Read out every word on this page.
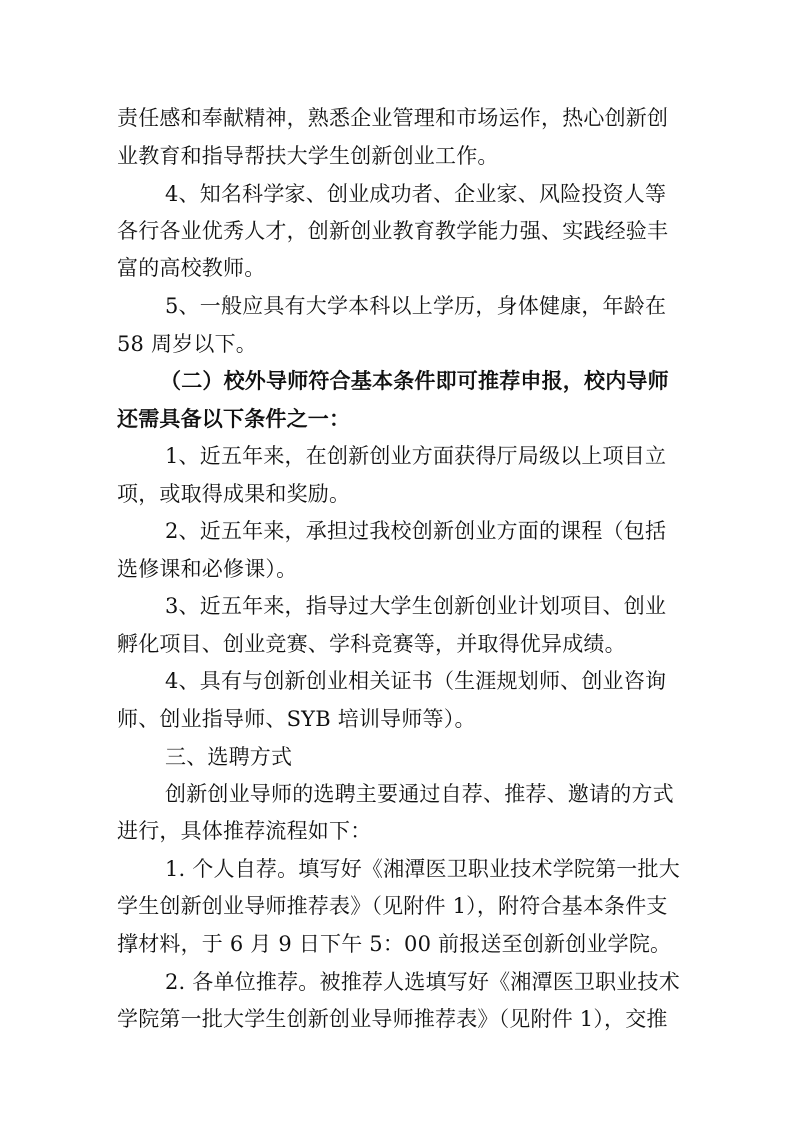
责任感和奉献精神，熟悉企业管理和市场运作，热心创新创
业教育和指导帮扶大学生创新创业工作。
4、知名科学家、创业成功者、企业家、风险投资人等
各行各业优秀人才，创新创业教育教学能力强、实践经验丰
富的高校教师。
5、一般应具有大学本科以上学历，身体健康，年龄在
58 周岁以下。
（二）校外导师符合基本条件即可推荐申报，校内导师
还需具备以下条件之一：
1、近五年来，在创新创业方面获得厅局级以上项目立
项，或取得成果和奖励。
2、近五年来，承担过我校创新创业方面的课程（包括
选修课和必修课）。
3、近五年来，指导过大学生创新创业计划项目、创业
孵化项目、创业竞赛、学科竞赛等，并取得优异成绩。
4、具有与创新创业相关证书（生涯规划师、创业咨询
师、创业指导师、SYB 培训导师等）。
三、选聘方式
创新创业导师的选聘主要通过自荐、推荐、邀请的方式
进行，具体推荐流程如下：
1. 个人自荐。填写好《湘潭医卫职业技术学院第一批大
学生创新创业导师推荐表》（见附件 1），附符合基本条件支
撑材料，于 6 月 9 日下午 5：00 前报送至创新创业学院。
2. 各单位推荐。被推荐人选填写好《湘潭医卫职业技术
学院第一批大学生创新创业导师推荐表》（见附件 1），交推
